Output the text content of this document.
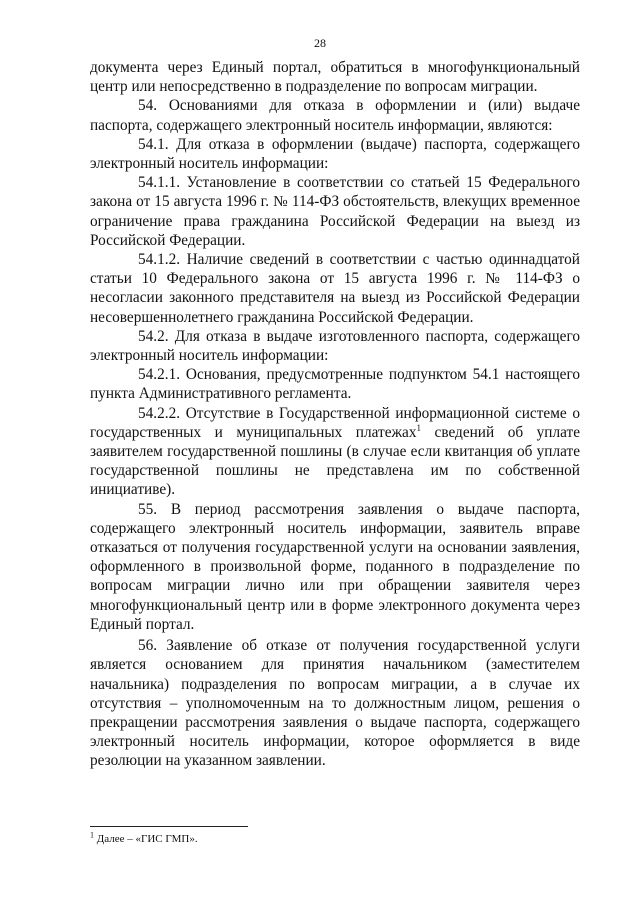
28

документа через Единый портал, обратиться в многофункциональный центр или непосредственно в подразделение по вопросам миграции.

54. Основаниями для отказа в оформлении и (или) выдаче паспорта, содержащего электронный носитель информации, являются:

54.1. Для отказа в оформлении (выдаче) паспорта, содержащего электронный носитель информации:

54.1.1. Установление в соответствии со статьей 15 Федерального закона от 15 августа 1996 г. № 114-ФЗ обстоятельств, влекущих временное ограничение права гражданина Российской Федерации на выезд из Российской Федерации.

54.1.2. Наличие сведений в соответствии с частью одиннадцатой статьи 10 Федерального закона от 15 августа 1996 г. № 114-ФЗ о несогласии законного представителя на выезд из Российской Федерации несовершеннолетнего гражданина Российской Федерации.

54.2. Для отказа в выдаче изготовленного паспорта, содержащего электронный носитель информации:

54.2.1. Основания, предусмотренные подпунктом 54.1 настоящего пункта Административного регламента.

54.2.2. Отсутствие в Государственной информационной системе о государственных и муниципальных платежах$^1$ сведений об уплате заявителем государственной пошлины (в случае если квитанция об уплате государственной пошлины не представлена им по собственной инициативе).

55. В период рассмотрения заявления о выдаче паспорта, содержащего электронный носитель информации, заявитель вправе отказаться от получения государственной услуги на основании заявления, оформленного в произвольной форме, поданного в подразделение по вопросам миграции лично или при обращении заявителя через многофункциональный центр или в форме электронного документа через Единый портал.

56. Заявление об отказе от получения государственной услуги является основанием для принятия начальником (заместителем начальника) подразделения по вопросам миграции, а в случае их отсутствия – уполномоченным на то должностным лицом, решения о прекращении рассмотрения заявления о выдаче паспорта, содержащего электронный носитель информации, которое оформляется в виде резолюции на указанном заявлении.

$^1$ Далее – «ГИС ГМП».
